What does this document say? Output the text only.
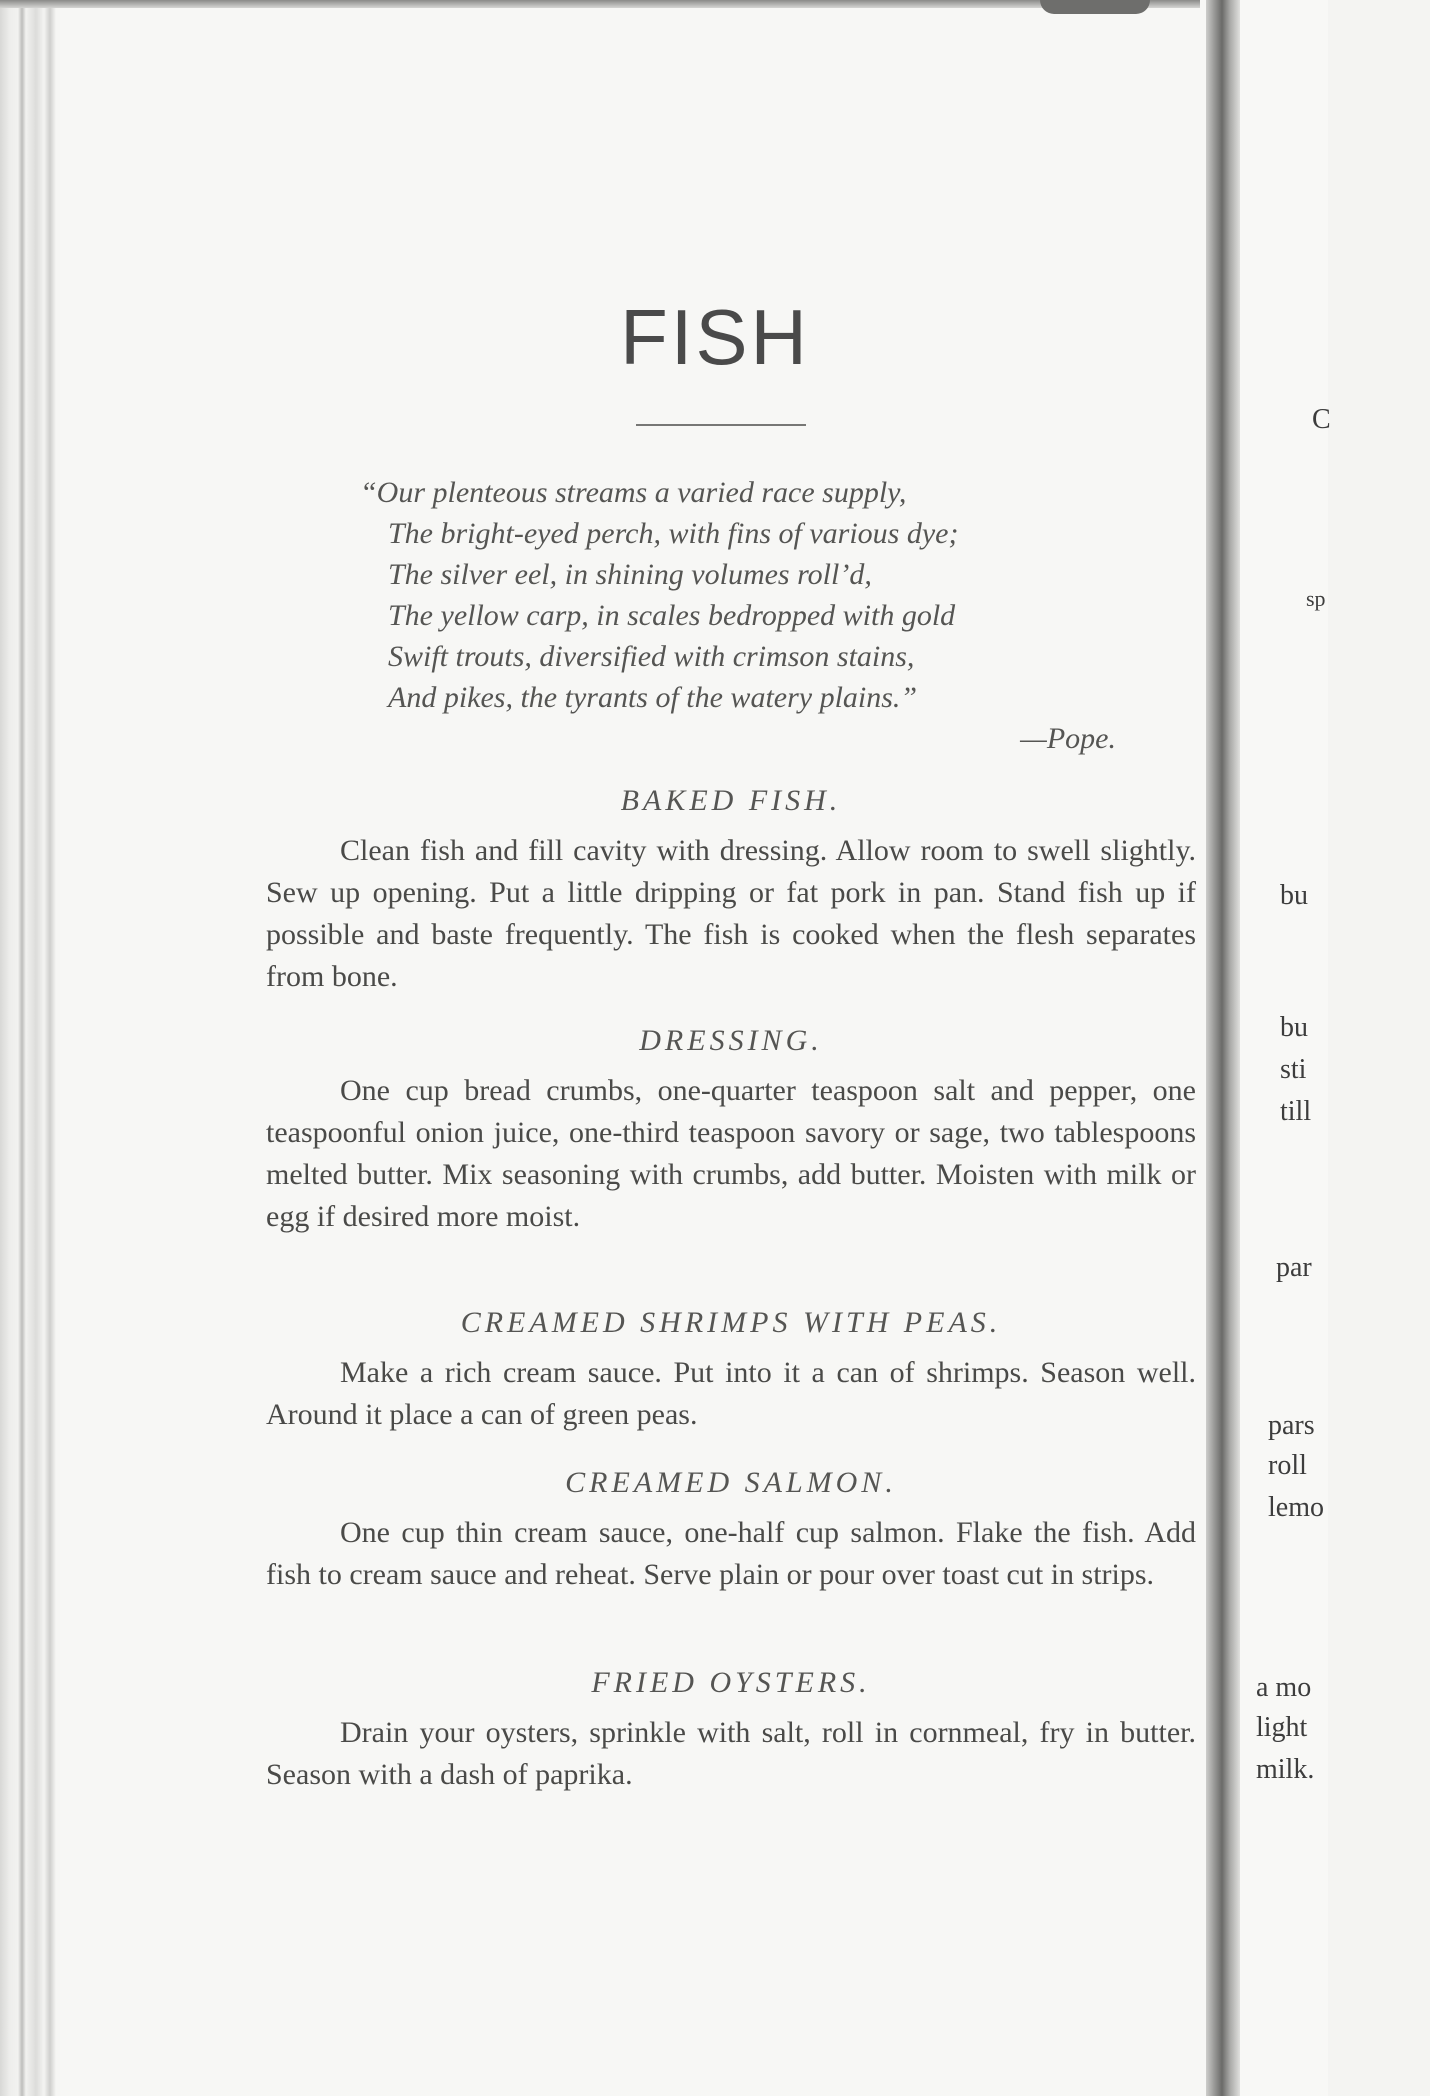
C
sp
bu
bu
sti
till
par
pars
roll
lemo
a mo
light
milk.
FISH
“Our plenteous streams a varied race supply,
The bright-eyed perch, with fins of various dye;
The silver eel, in shining volumes roll’d,
The yellow carp, in scales bedropped with gold
Swift trouts, diversified with crimson stains,
And pikes, the tyrants of the watery plains.”
—Pope.
BAKED FISH.

Clean fish and fill cavity with dressing. Allow room to swell slightly. Sew up opening. Put a little dripping or fat pork in pan. Stand fish up if possible and baste frequently. The fish is cooked when the flesh separates from bone.

DRESSING.

One cup bread crumbs, one-quarter teaspoon salt and pepper, one teaspoonful onion juice, one-third teaspoon savory or sage, two tablespoons melted butter. Mix seasoning with crumbs, add butter. Moisten with milk or egg if desired more moist.

CREAMED SHRIMPS WITH PEAS.

Make a rich cream sauce. Put into it a can of shrimps. Season well. Around it place a can of green peas.

CREAMED SALMON.

One cup thin cream sauce, one-half cup salmon. Flake the fish. Add fish to cream sauce and reheat. Serve plain or pour over toast cut in strips.

FRIED OYSTERS.

Drain your oysters, sprinkle with salt, roll in cornmeal, fry in butter. Season with a dash of paprika.
